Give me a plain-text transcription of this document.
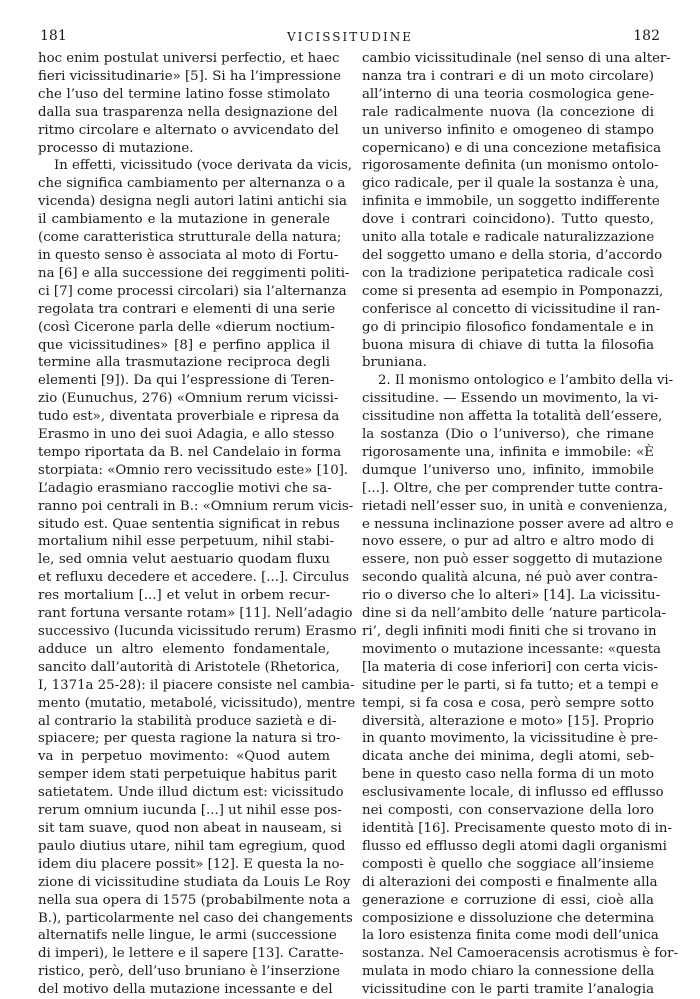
181	VICISSITUDINE	182
hoc enim postulat universi perfectio, et haec
fieri vicissitudinarie» [5]. Si ha l’impressione
che l’uso del termine latino fosse stimolato
dalla sua trasparenza nella designazione del
ritmo circolare e alternato o avvicendato del
processo di mutazione.
In effetti, vicissitudo (voce derivata da vicis,
che significa cambiamento per alternanza o a
vicenda) designa negli autori latini antichi sia
il cambiamento e la mutazione in generale
(come caratteristica strutturale della natura;
in questo senso è associata al moto di Fortu-
na [6] e alla successione dei reggimenti politi-
ci [7] come processi circolari) sia l’alternanza
regolata tra contrari e elementi di una serie
(così Cicerone parla delle «dierum noctium-
que vicissitudines» [8] e perfino applica il
termine alla trasmutazione reciproca degli
elementi [9]). Da qui l’espressione di Teren-
zio (Eunuchus, 276) «Omnium rerum vicissi-
tudo est», diventata proverbiale e ripresa da
Erasmo in uno dei suoi Adagia, e allo stesso
tempo riportata da B. nel Candelaio in forma
storpiata: «Omnio rero vecissitudo este» [10].
L’adagio erasmiano raccoglie motivi che sa-
ranno poi centrali in B.: «Omnium rerum vicis-
situdo est. Quae sententia significat in rebus
mortalium nihil esse perpetuum, nihil stabi-
le, sed omnia velut aestuario quodam fluxu
et refluxu decedere et accedere. [...]. Circulus
res mortalium [...] et velut in orbem recur-
rant fortuna versante rotam» [11]. Nell’adagio
successivo (Iucunda vicissitudo rerum) Erasmo
adduce un altro elemento fondamentale,
sancito dall’autorità di Aristotele (Rhetorica,
I, 1371a 25-28): il piacere consiste nel cambia-
mento (mutatio, metabolé, vicissitudo), mentre
al contrario la stabilità produce sazietà e di-
spiacere; per questa ragione la natura si tro-
va in perpetuo movimento: «Quod autem
semper idem stati perpetuique habitus parit
satietatem. Unde illud dictum est: vicissitudo
rerum omnium iucunda [...] ut nihil esse pos-
sit tam suave, quod non abeat in nauseam, si
paulo diutius utare, nihil tam egregium, quod
idem diu placere possit» [12]. E questa la no-
zione di vicissitudine studiata da Louis Le Roy
nella sua opera di 1575 (probabilmente nota a
B.), particolarmente nel caso dei changements
alternatifs nelle lingue, le armi (successione
di imperi), le lettere e il sapere [13]. Caratte-
ristico, però, dell’uso bruniano è l’inserzione
del motivo della mutazione incessante e del
cambio vicissitudinale (nel senso di una alter-
nanza tra i contrari e di un moto circolare)
all’interno di una teoria cosmologica gene-
rale radicalmente nuova (la concezione di
un universo infinito e omogeneo di stampo
copernicano) e di una concezione metafisica
rigorosamente definita (un monismo ontolo-
gico radicale, per il quale la sostanza è una,
infinita e immobile, un soggetto indifferente
dove i contrari coincidono). Tutto questo,
unito alla totale e radicale naturalizzazione
del soggetto umano e della storia, d’accordo
con la tradizione peripatetica radicale così
come si presenta ad esempio in Pomponazzi,
conferisce al concetto di vicissitudine il ran-
go di principio filosofico fondamentale e in
buona misura di chiave di tutta la filosofia
bruniana.
2. Il monismo ontologico e l’ambito della vi-
cissitudine. — Essendo un movimento, la vi-
cissitudine non affetta la totalità dell’essere,
la sostanza (Dio o l’universo), che rimane
rigorosamente una, infinita e immobile: «È
dumque l’universo uno, infinito, immobile
[...]. Oltre, che per comprender tutte contra-
rietadi nell’esser suo, in unità e convenienza,
e nessuna inclinazione posser avere ad altro e
novo essere, o pur ad altro e altro modo di
essere, non può esser soggetto di mutazione
secondo qualità alcuna, né può aver contra-
rio o diverso che lo alteri» [14]. La vicissitu-
dine si da nell’ambito delle ‘nature particola-
ri’, degli infiniti modi finiti che si trovano in
movimento o mutazione incessante: «questa
[la materia di cose inferiori] con certa vicis-
situdine per le parti, si fa tutto; et a tempi e
tempi, si fa cosa e cosa, però sempre sotto
diversità, alterazione e moto» [15]. Proprio
in quanto movimento, la vicissitudine è pre-
dicata anche dei minima, degli atomi, seb-
bene in questo caso nella forma di un moto
esclusivamente locale, di influsso ed efflusso
nei composti, con conservazione della loro
identità [16]. Precisamente questo moto di in-
flusso ed efflusso degli atomi dagli organismi
composti è quello che soggiace all’insieme
di alterazioni dei composti e finalmente alla
generazione e corruzione di essi, cioè alla
composizione e dissoluzione che determina
la loro esistenza finita come modi dell’unica
sostanza. Nel Camoeracensis acrotismus è for-
mulata in modo chiaro la connessione della
vicissitudine con le parti tramite l’analogia
